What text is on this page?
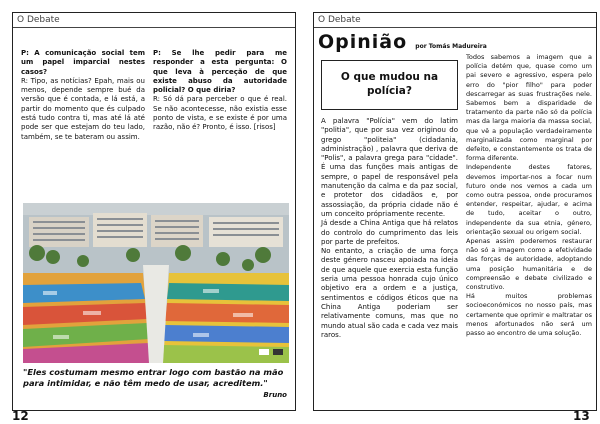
O Debate
P: A comunicação social tem um papel imparcial nestes casos?
R: Tipo, as notícias? Epah, mais ou menos, depende sempre bué da versão que é contada, e lá está, a partir do momento que és culpado está tudo contra ti, mas até lá até pode ser que estejam do teu lado, também, se te bateram ou assim.
P: Se lhe pedir para me responder a esta pergunta: O que leva à perceção de que existe abuso da autoridade policial? O que diria?
R: Só dá para perceber o que é real. Se não acontecesse, não existia esse ponto de vista, e se existe é por uma razão, não é? Pronto, é isso. [risos]
"Eles costumam mesmo entrar logo com bastão na mão para intimidar, e não têm medo de usar, acreditem."
Bruno
12
O Debate
Opinião por Tomás Madureira
O que mudou na polícia?

A palavra "Polícia" vem do latim "politia", que por sua vez originou do grego "politeia" (cidadania, administração) , palavra que deriva de "Polis", a palavra grega para "cidade". É uma das funções mais antigas de sempre, o papel de responsável pela manutenção da calma e da paz social, e protetor dos cidadãos e, por assossiação, da própria cidade não é um conceito própriamente recente.

Já desde a China Antiga que há relatos do controlo do cumprimento das leis por parte de prefeitos.

No entanto, a criação de uma força deste género nasceu apoiada na ideia de que aquele que exercia esta função seria uma pessoa honrada cujo único objetivo era a ordem e a justiça, sentimentos e códigos éticos que na China Antiga poderiam ser relativamente comuns, mas que no mundo atual são cada e cada vez mais raros.

Todos sabemos a imagem que a polícia detém que, quase como um pai severo e agressivo, espera pelo erro do "pior filho" para poder descarregar as suas frustrações nele. Sabemos bem a disparidade de tratamento da parte não só da polícia mas da larga maioria da massa social, que vê a população verdadeiramente marginalizada como marginal por defeito, e constantemente os trata de forma diferente.

Independente destes fatores, devemos importar-nos a focar num futuro onde nos vemos a cada um como outra pessoa, onde procuramos entender, respeitar, ajudar, e acima de tudo, aceitar o outro, independente da sua etnia, género, orientação sexual ou origem social.

Apenas assim poderemos restaurar não só a imagem como a efetividade das forças de autoridade, adoptando uma posição humanitária e de compreensão e debate civilizado e construtivo.

Há muitos problemas socioeconómicos no nosso país, mas certamente que oprimir e maltratar os menos afortunados não será um passo ao encontro de uma solução.

13
